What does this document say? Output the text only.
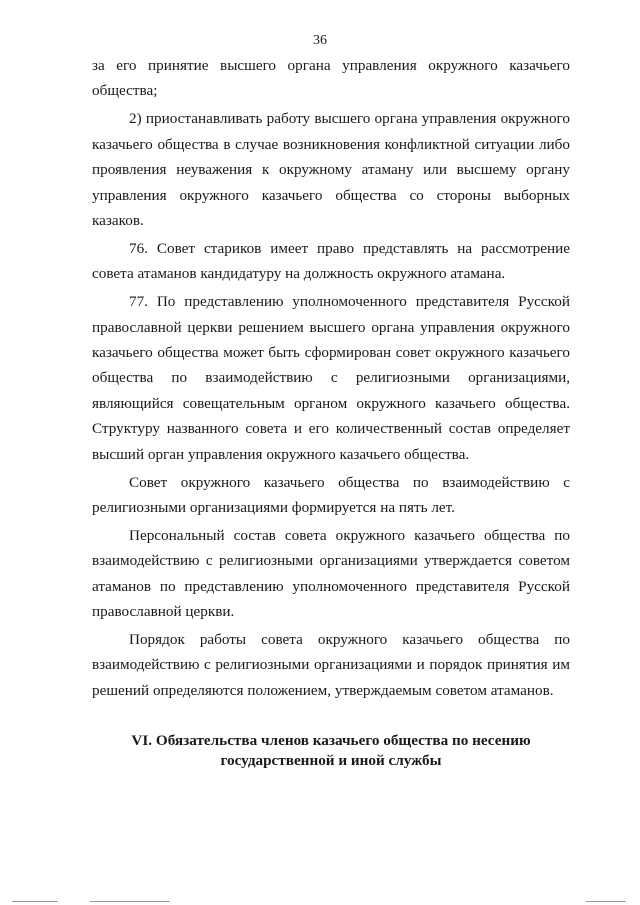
36

за его принятие высшего органа управления окружного казачьего общества;

2) приостанавливать работу высшего органа управления окружного казачьего общества в случае возникновения конфликтной ситуации либо проявления неуважения к окружному атаману или высшему органу управления окружного казачьего общества со стороны выборных казаков.

76. Совет стариков имеет право представлять на рассмотрение совета атаманов кандидатуру на должность окружного атамана.

77. По представлению уполномоченного представителя Русской православной церкви решением высшего органа управления окружного казачьего общества может быть сформирован совет окружного казачьего общества по взаимодействию с религиозными организациями, являющийся совещательным органом окружного казачьего общества. Структуру названного совета и его количественный состав определяет высший орган управления окружного казачьего общества.

Совет окружного казачьего общества по взаимодействию с религиозными организациями формируется на пять лет.

Персональный состав совета окружного казачьего общества по взаимодействию с религиозными организациями утверждается советом атаманов по представлению уполномоченного представителя Русской православной церкви.

Порядок работы совета окружного казачьего общества по взаимодействию с религиозными организациями и порядок принятия им решений определяются положением, утверждаемым советом атаманов.

VI. Обязательства членов казачьего общества по несению
государственной и иной службы
